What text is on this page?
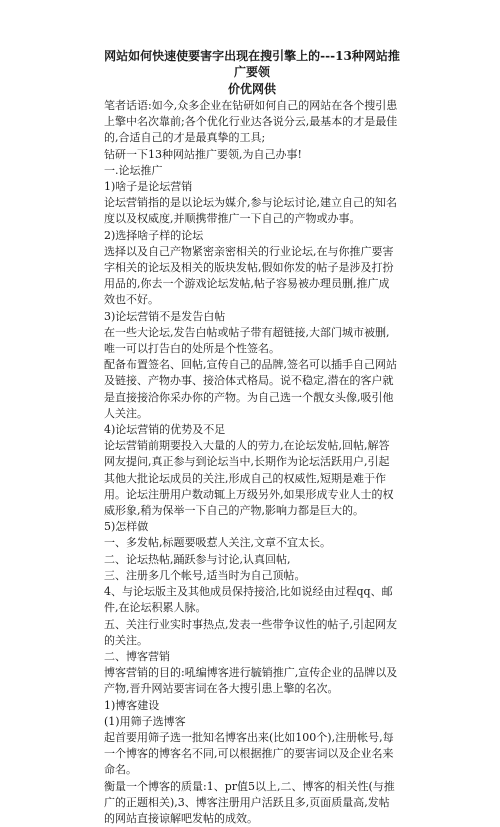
网站如何快速使要害字出现在搜引擎上的---13种网站推广要领
价优网供

笔者话语:如今,众多企业在钻研如何自己的网站在各个搜引患上擎中名次靠前;各个优化行业达各说分云,最基本的才是最佳的,合适自己的才是最真挚的工具;

钻研一下13种网站推广要领,为自己办事!

一.论坛推广

1)啥子是论坛营销

论坛营销指的是以论坛为媒介,参与论坛讨论,建立自己的知名度以及权威度,并顺携带推广一下自己的产物或办事。

2)选择啥子样的论坛

选择以及自己产物紧密亲密相关的行业论坛,在与你推广要害字相关的论坛及相关的版块发帖,假如你发的帖子是涉及打扮用品的,你去一个游戏论坛发帖,帖子容易被办理员删,推广成效也不好。

3)论坛营销不是发告白帖

在一些大论坛,发告白帖或帖子带有超链接,大部门城市被删,唯一可以打告白的处所是个性签名。

配备布置签名、回帖,宣传自己的品牌,签名可以插手自己网站及链接、产物办事、接洽体式格局。说不稳定,潜在的客户就是直接接洽你采办你的产物。为自己选一个靓女头像,吸引他人关注。

4)论坛营销的优势及不足

论坛营销前期要投入大量的人的劳力,在论坛发帖,回帖,解答网友提问,真正参与到论坛当中,长期作为论坛活跃用户,引起其他大批论坛成员的关注,形成自己的权威性,短期是难于作用。论坛注册用户数动辄上万级另外,如果形成专业人士的权威形象,稍为保举一下自己的产物,影响力都是巨大的。

5)怎样做

一、多发帖,标题要吸惹人关注,文章不宜太长。

二、论坛热帖,踊跃参与讨论,认真回帖,

三、注册多几个帐号,适当时为自己顶帖。

4、与论坛版主及其他成员保持接洽,比如说经由过程qq、邮件,在论坛积累人脉。

五、关注行业实时事热点,发表一些带争议性的帖子,引起网友的关注。

二、博客营销

博客营销的目的:吼编博客进行毓销推广,宣传企业的品牌以及产物,晋升网站要害词在各大搜引患上擎的名次。

1)博客建设

(1)用筛子选博客

起首要用筛子选一批知名博客出来(比如100个),注册帐号,每一个博客的博客名不同,可以根据推广的要害词以及企业名来命名。

衡量一个博客的质量:1、pr值5以上,二、博客的相关性(与推广的正题相关),3、博客注册用户活跃且多,页面质量高,发帖的网站直接谅解吧发帖的成效。
